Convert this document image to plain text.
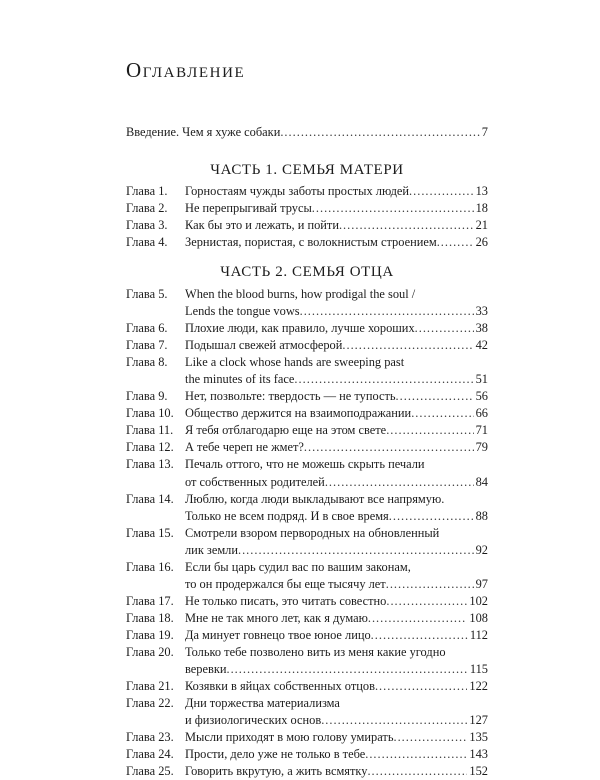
Оглавление
Введение. Чем я хуже собаки .....	7
ЧАСТЬ 1. СЕМЬЯ МАТЕРИ
Глава 1.	Горностаям чужды заботы простых людей .....	13
Глава 2.	Не перепрыгивай трусы .....	18
Глава 3.	Как бы это и лежать, и пойти .....	21
Глава 4.	Зернистая, пористая, с волокнистым строением .....	26
ЧАСТЬ 2. СЕМЬЯ ОТЦА
Глава 5.	When the blood burns, how prodigal the soul /
Lends the tongue vows .....	33
Глава 6.	Плохие люди, как правило, лучше хороших .....	38
Глава 7.	Подышал свежей атмосферой .....	42
Глава 8.	Like a clock whose hands are sweeping past
the minutes of its face .....	51
Глава 9.	Нет, позвольте: твердость — не тупость .....	56
Глава 10. Общество держится на взаимоподражании .....	66
Глава 11. Я тебя отблагодарю еще на этом свете .....	71
Глава 12. А тебе череп не жмет? .....	79
Глава 13. Печаль оттого, что не можешь скрыть печали
от собственных родителей .....	84
Глава 14. Люблю, когда люди выкладывают все напрямую.
Только не всем подряд. И в свое время .....	88
Глава 15. Смотрели взором первородных на обновленный
лик земли .....	92
Глава 16. Если бы царь судил вас по вашим законам,
то он продержался бы еще тысячу лет .....	97
Глава 17. Не только писать, это читать совестно .....	102
Глава 18. Мне не так много лет, как я думаю .....	108
Глава 19. Да минует говнецо твое юное лицо .....	112
Глава 20. Только тебе позволено вить из меня какие угодно
веревки .....	115
Глава 21. Козявки в яйцах собственных отцов .....	122
Глава 22. Дни торжества материализма
и физиологических основ .....	127
Глава 23. Мысли приходят в мою голову умирать .....	135
Глава 24. Прости, дело уже не только в тебе .....	143
Глава 25. Говорить вкрутую, а жить всмятку .....	152
